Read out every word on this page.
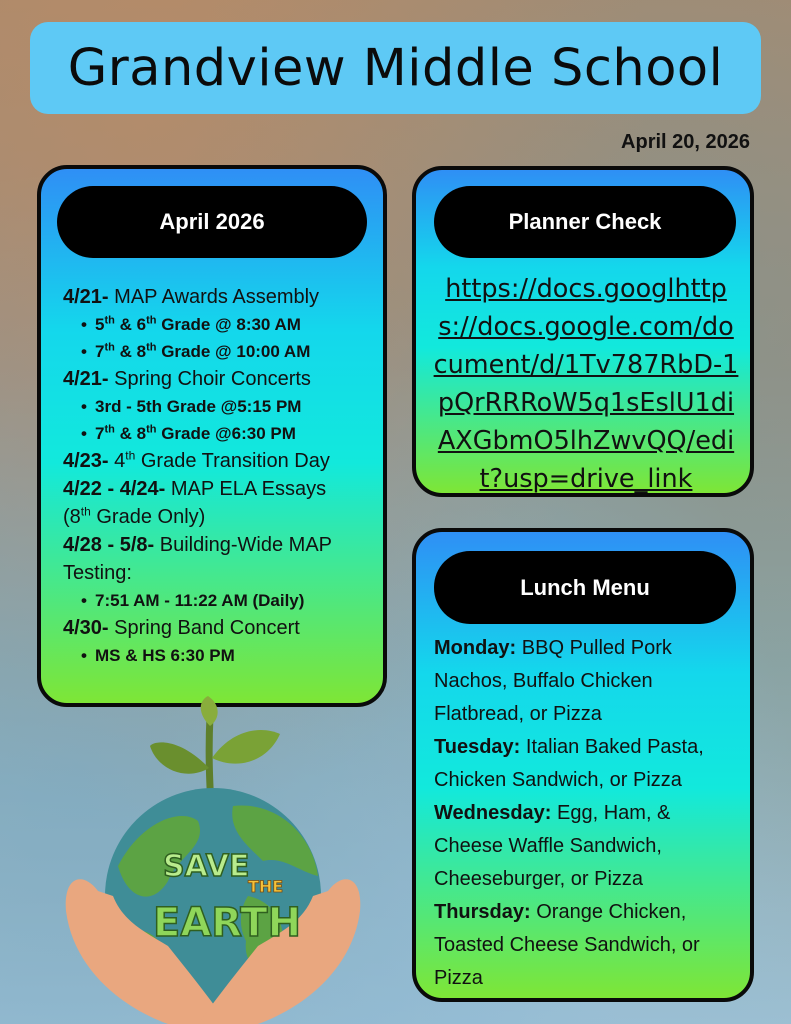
Grandview Middle School
April 20, 2026
April 2026
4/21- MAP Awards Assembly
• 5th & 6th Grade @ 8:30 AM
• 7th & 8th Grade @ 10:00 AM
4/21- Spring Choir Concerts
• 3rd - 5th Grade @5:15 PM
• 7th & 8th Grade @6:30 PM
4/23- 4th Grade Transition Day
4/22 - 4/24- MAP ELA Essays
(8th Grade Only)
4/28 - 5/8- Building-Wide MAP Testing:
• 7:51 AM - 11:22 AM (Daily)
4/30- Spring Band Concert
• MS & HS 6:30 PM
Planner Check
https://docs.googlhttps://docs.google.com/document/d/1Tv787RbD-1pQrRRRoW5q1sEslU1diAXGbmO5lhZwvQQ/edit?usp=drive_link
Lunch Menu

Monday: BBQ Pulled Pork Nachos, Buffalo Chicken Flatbread, or Pizza

Tuesday: Italian Baked Pasta, Chicken Sandwich, or Pizza

Wednesday: Egg, Ham, & Cheese Waffle Sandwich, Cheeseburger, or Pizza

Thursday: Orange Chicken, Toasted Cheese Sandwich, or Pizza

SAVE
THE
EARTH
